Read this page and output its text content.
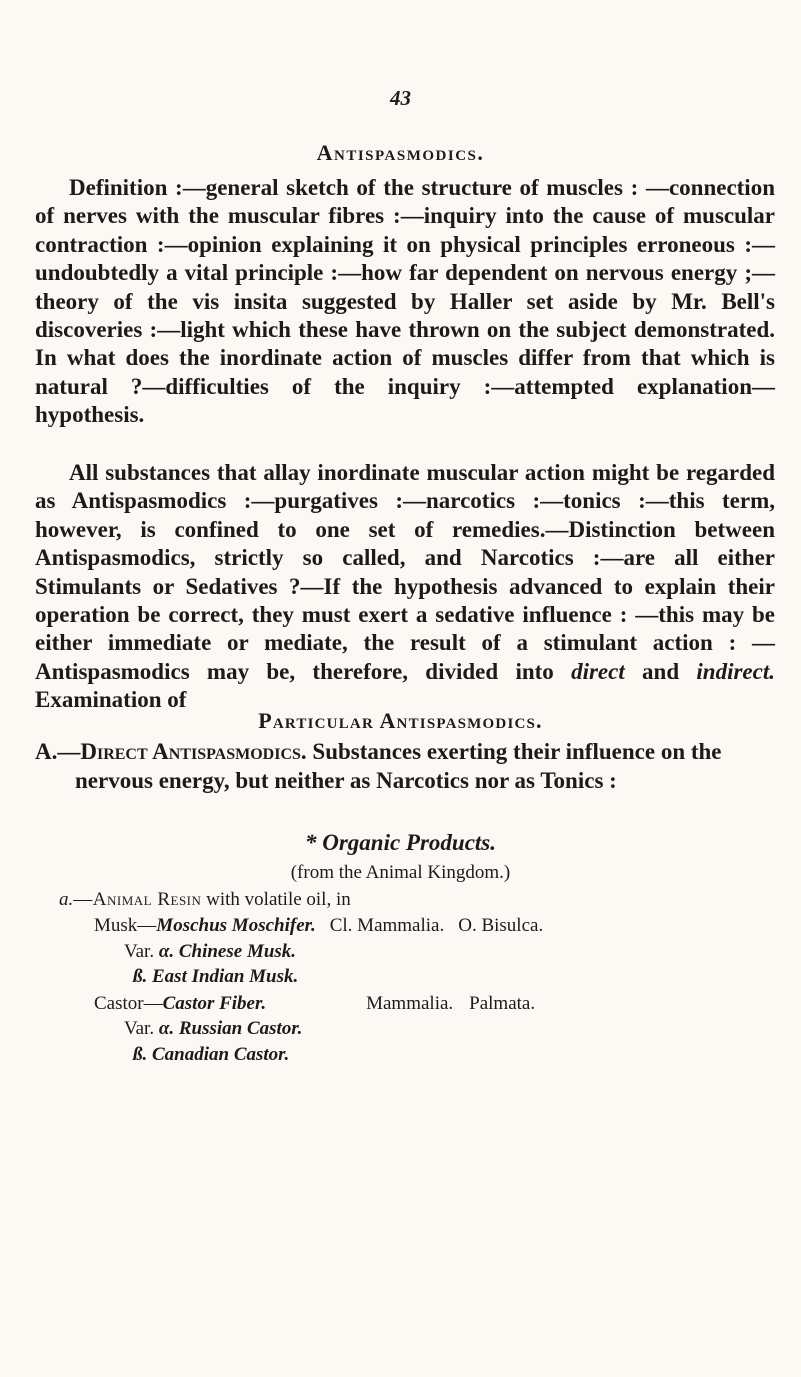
43
Antispasmodics.
Definition :—general sketch of the structure of muscles : —connection of nerves with the muscular fibres :—inquiry into the cause of muscular contraction :—opinion explaining it on physical principles erroneous :—undoubtedly a vital principle :—how far dependent on nervous energy ;—theory of the vis insita suggested by Haller set aside by Mr. Bell's discoveries :—light which these have thrown on the subject demonstrated. In what does the inordinate action of muscles differ from that which is natural ?—difficulties of the inquiry :—attempted explanation—hypothesis.
All substances that allay inordinate muscular action might be regarded as Antispasmodics :—purgatives :—narcotics :—tonics :—this term, however, is confined to one set of remedies.—Distinction between Antispasmodics, strictly so called, and Narcotics :—are all either Stimulants or Sedatives ?—If the hypothesis advanced to explain their operation be correct, they must exert a sedative influence : —this may be either immediate or mediate, the result of a stimulant action : — Antispasmodics may be, therefore, divided into direct and indirect. Examination of
Particular Antispasmodics.
A.—Direct Antispasmodics. Substances exerting their influence on the nervous energy, but neither as Narcotics nor as Tonics :
* Organic Products.
(from the Animal Kingdom.)
a.—Animal Resin with volatile oil, in
Musk—Moschus Moschifer. Cl. Mammalia. O. Bisulca.
Var. α. Chinese Musk.
ß. East Indian Musk.
Castor—Castor Fiber.	Mammalia. Palmata.
Var. α. Russian Castor.
ß. Canadian Castor.
